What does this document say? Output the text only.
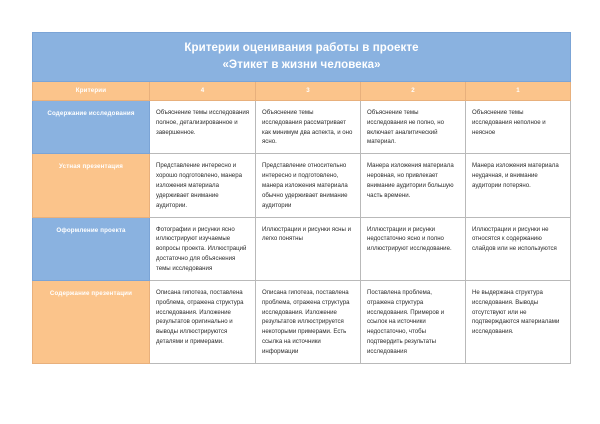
Критерии оценивания работы в проекте
«Этикет в жизни человека»				

Критерии	4	3	2	1
Содержание исследования	Объяснение темы исследования полное, детализированное и завершенное.	Объяснение темы исследования рассматривает как минимум два аспекта, и оно ясно.	Объяснение темы исследования не полно, но включает аналитический материал.	Объяснение темы исследования неполное и неясное
Устная презентация	Представление интересно и хорошо подготовлено, манера изложения материала удерживает внимание аудитории.	Представление относительно интересно и подготовлено, манера изложения материала обычно удерживает внимание аудитории	Манера изложения материала неровная, но привлекает внимание аудитории большую часть времени.	Манера изложения материала неудачная, и внимание аудитории потеряно.
Оформление проекта	Фотографии и рисунки ясно иллюстрируют изучаемые вопросы проекта. Иллюстраций достаточно для объяснения темы исследования	Иллюстрации и рисунки ясны и легко понятны	Иллюстрации и рисунки недостаточно ясно и полно иллюстрируют исследование.	Иллюстрации и рисунки не относятся к содержанию слайдов или не используются
Содержание презентации	Описана гипотеза, поставлена проблема, отражена структура исследования. Изложение результатов оригинально и выводы иллюстрируются деталями и примерами.	Описана гипотеза, поставлена проблема, отражена структура исследования. Изложение результатов иллюстрируется некоторыми примерами. Есть ссылка на источники информации	Поставлена проблема, отражена структура исследования. Примеров и ссылок на источники недостаточно, чтобы подтвердить результаты исследования	Не выдержана структура исследования. Выводы отсутствуют или не подтверждаются материалами исследования.
